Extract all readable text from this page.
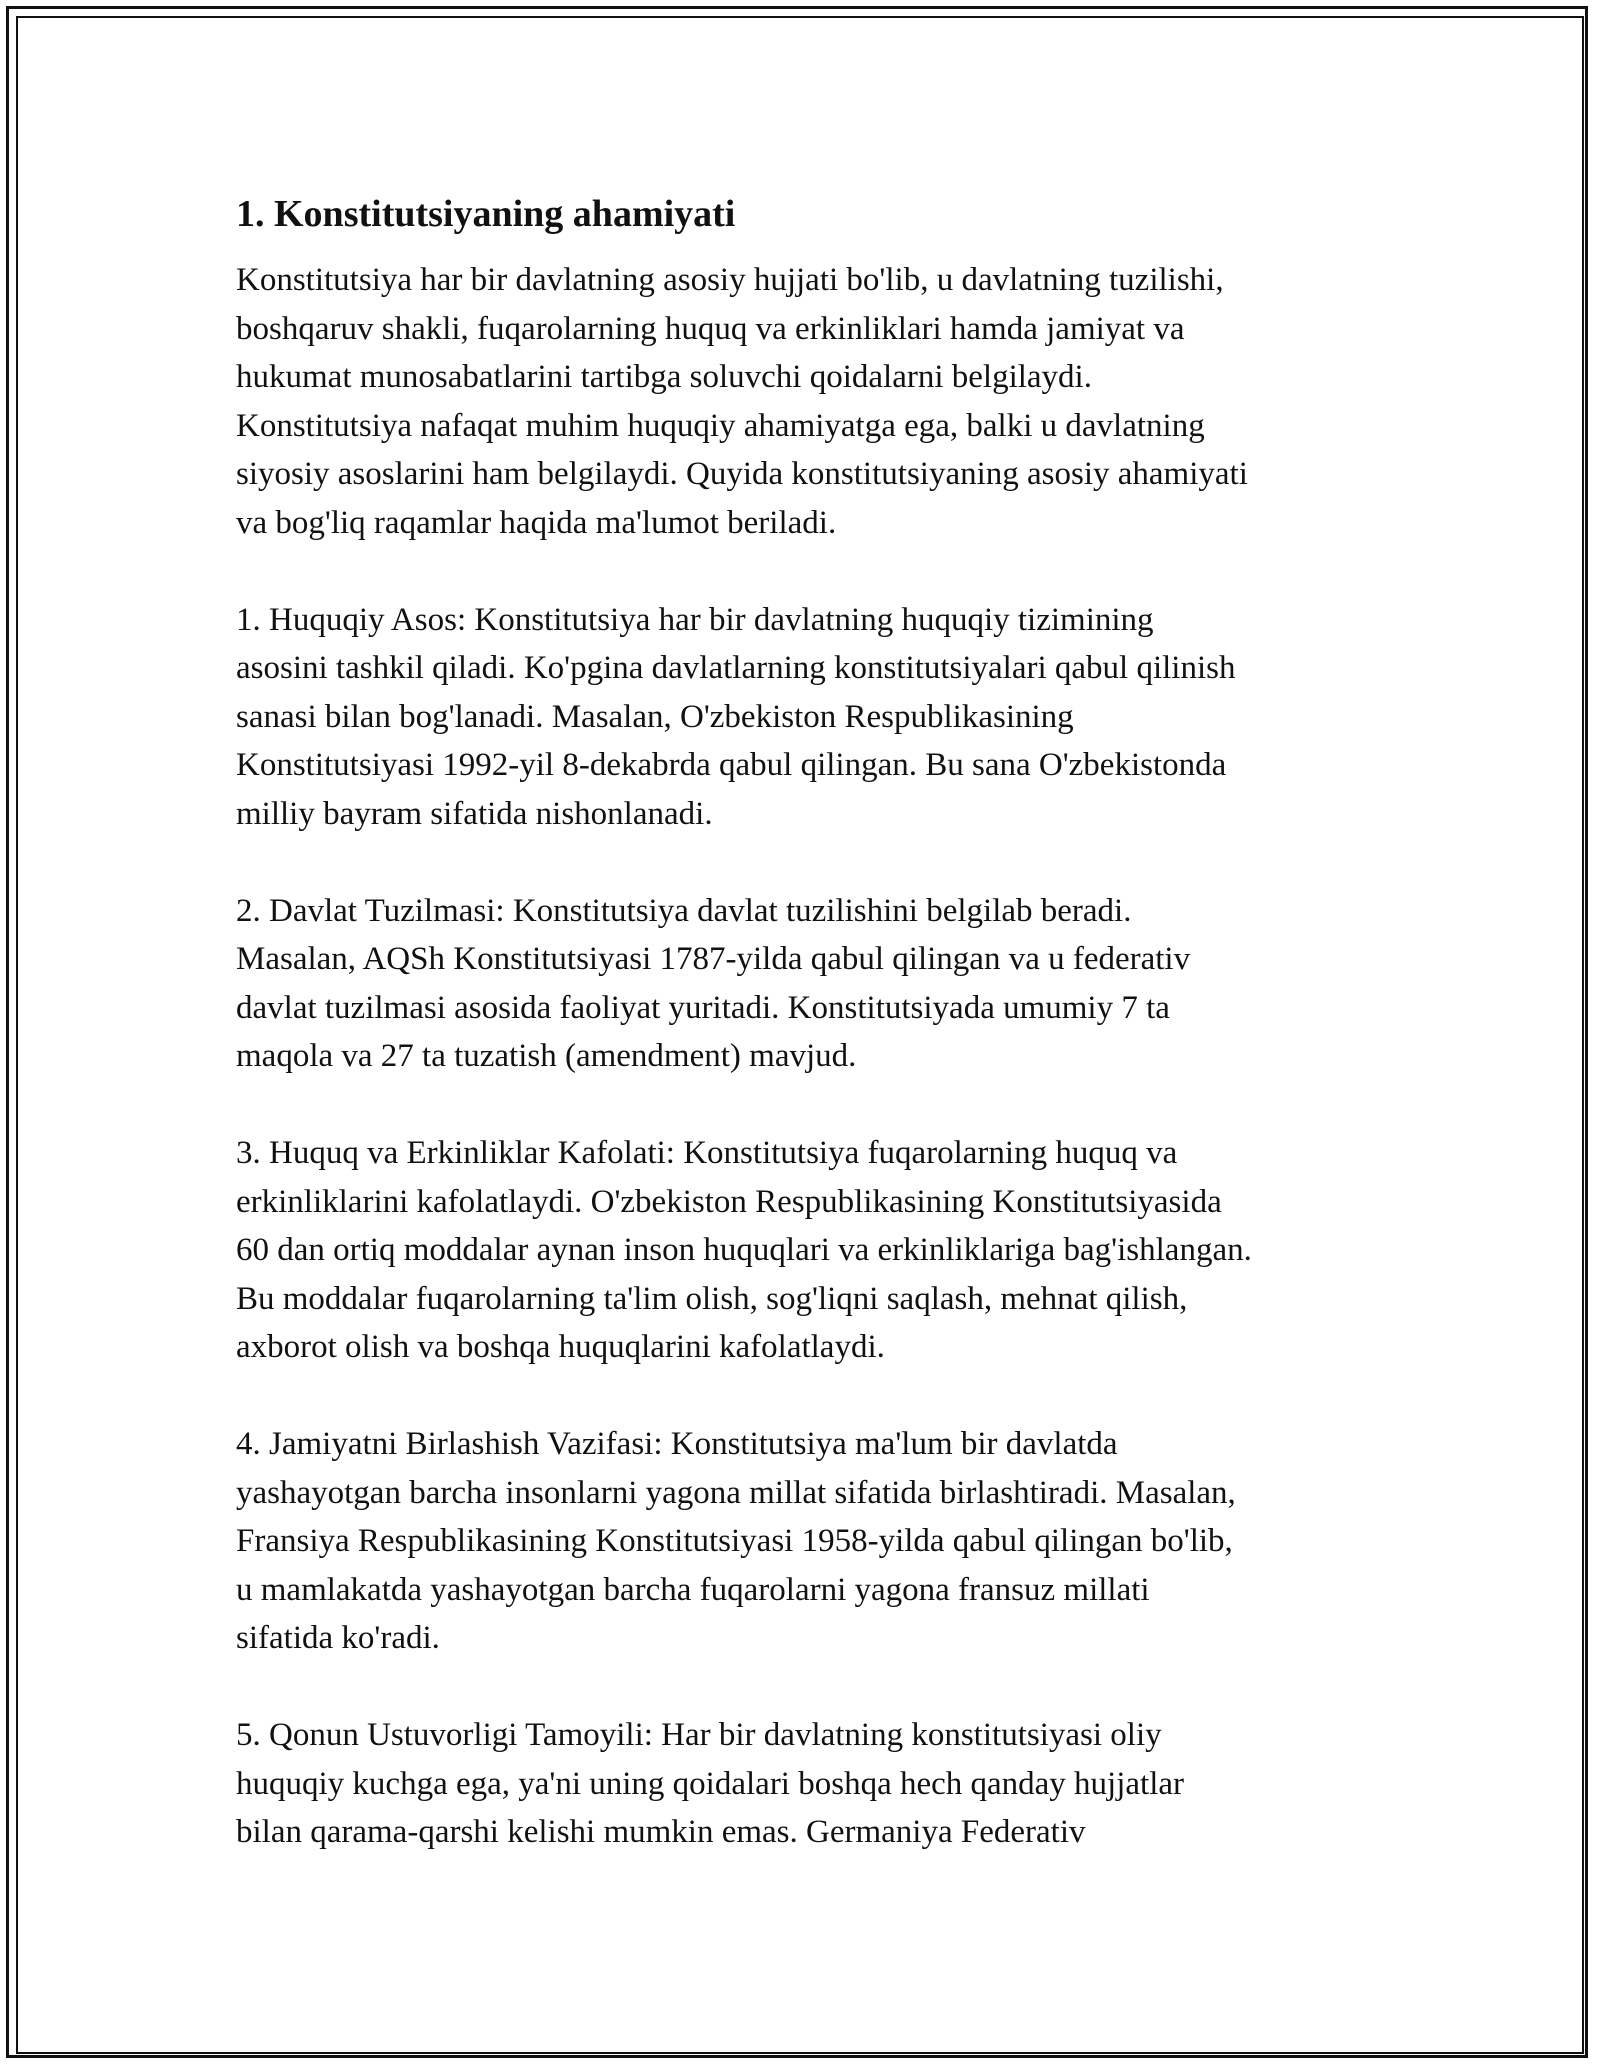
1. Konstitutsiyaning ahamiyati

Konstitutsiya har bir davlatning asosiy hujjati bo'lib, u davlatning tuzilishi,
boshqaruv shakli, fuqarolarning huquq va erkinliklari hamda jamiyat va
hukumat munosabatlarini tartibga soluvchi qoidalarni belgilaydi.
Konstitutsiya nafaqat muhim huquqiy ahamiyatga ega, balki u davlatning
siyosiy asoslarini ham belgilaydi. Quyida konstitutsiyaning asosiy ahamiyati
va bog'liq raqamlar haqida ma'lumot beriladi.

1. Huquqiy Asos: Konstitutsiya har bir davlatning huquqiy tizimining
asosini tashkil qiladi. Ko'pgina davlatlarning konstitutsiyalari qabul qilinish
sanasi bilan bog'lanadi. Masalan, O'zbekiston Respublikasining
Konstitutsiyasi 1992-yil 8-dekabrda qabul qilingan. Bu sana O'zbekistonda
milliy bayram sifatida nishonlanadi.

2. Davlat Tuzilmasi: Konstitutsiya davlat tuzilishini belgilab beradi.
Masalan, AQSh Konstitutsiyasi 1787-yilda qabul qilingan va u federativ
davlat tuzilmasi asosida faoliyat yuritadi. Konstitutsiyada umumiy 7 ta
maqola va 27 ta tuzatish (amendment) mavjud.

3. Huquq va Erkinliklar Kafolati: Konstitutsiya fuqarolarning huquq va
erkinliklarini kafolatlaydi. O'zbekiston Respublikasining Konstitutsiyasida
60 dan ortiq moddalar aynan inson huquqlari va erkinliklariga bag'ishlangan.
Bu moddalar fuqarolarning ta'lim olish, sog'liqni saqlash, mehnat qilish,
axborot olish va boshqa huquqlarini kafolatlaydi.

4. Jamiyatni Birlashish Vazifasi: Konstitutsiya ma'lum bir davlatda
yashayotgan barcha insonlarni yagona millat sifatida birlashtiradi. Masalan,
Fransiya Respublikasining Konstitutsiyasi 1958-yilda qabul qilingan bo'lib,
u mamlakatda yashayotgan barcha fuqarolarni yagona fransuz millati
sifatida ko'radi.

5. Qonun Ustuvorligi Tamoyili: Har bir davlatning konstitutsiyasi oliy
huquqiy kuchga ega, ya'ni uning qoidalari boshqa hech qanday hujjatlar
bilan qarama-qarshi kelishi mumkin emas. Germaniya Federativ
